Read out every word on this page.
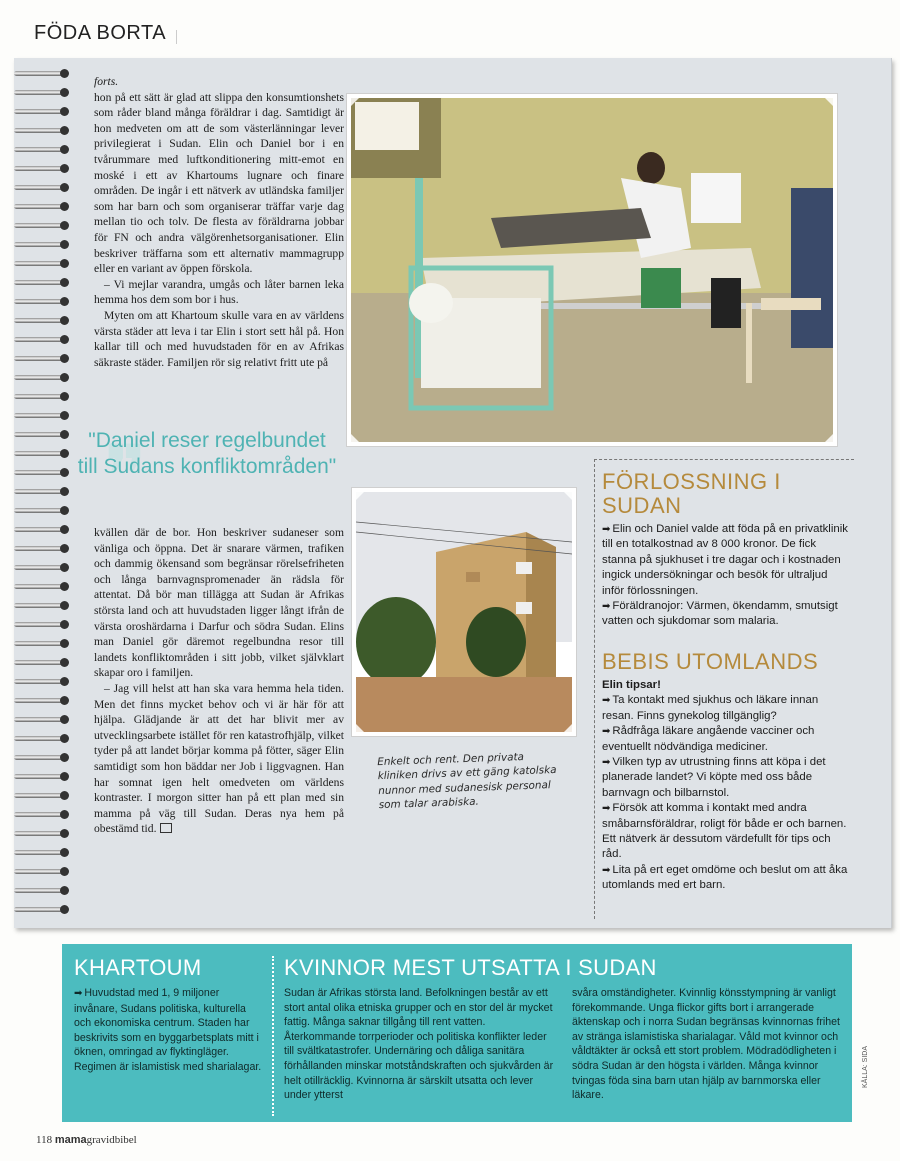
FÖDA BORTA

forts.

hon på ett sätt är glad att slippa den konsumtionshets som råder bland många föräldrar i dag. Samtidigt är hon medveten om att de som västerlänningar lever privilegierat i Sudan. Elin och Daniel bor i en tvårummare med luftkonditionering mitt-emot en moské i ett av Khartoums lugnare och finare områden. De ingår i ett nätverk av utländska familjer som har barn och som organiserar träffar varje dag mellan tio och tolv. De flesta av föräldrarna jobbar för FN och andra välgörenhetsorganisationer. Elin beskriver träffarna som ett alternativ mammagrupp eller en variant av öppen förskola.

– Vi mejlar varandra, umgås och låter barnen leka hemma hos dem som bor i hus.

Myten om att Khartoum skulle vara en av världens värsta städer att leva i tar Elin i stort sett hål på. Hon kallar till och med huvudstaden för en av Afrikas säkraste städer. Familjen rör sig relativt fritt ute på

❞
"Daniel reser regelbundet till Sudans konfliktområden"

kvällen där de bor. Hon beskriver sudaneser som vänliga och öppna. Det är snarare värmen, trafiken och dammig ökensand som begränsar rörelsefriheten och långa barnvagnspromenader än rädsla för attentat. Då bör man tillägga att Sudan är Afrikas största land och att huvudstaden ligger långt ifrån de värsta oroshärdarna i Darfur och södra Sudan. Elins man Daniel gör däremot regelbundna resor till landets konfliktområden i sitt jobb, vilket självklart skapar oro i familjen.

– Jag vill helst att han ska vara hemma hela tiden. Men det finns mycket behov och vi är här för att hjälpa. Glädjande är att det har blivit mer av utvecklingsarbete istället för ren katastrofhjälp, vilket tyder på att landet börjar komma på fötter, säger Elin samtidigt som hon bäddar ner Job i liggvagnen. Han har somnat igen helt omedveten om världens kontraster. I morgon sitter han på ett plan med sin mamma på väg till Sudan. Deras nya hem på obestämd tid.

Enkelt och rent. Den privata kliniken drivs av ett gäng katolska nunnor med sudanesisk personal som talar arabiska.
FÖRLOSSNING I SUDAN

➡ Elin och Daniel valde att föda på en privatklinik till en totalkostnad av 8 000 kronor. De fick stanna på sjukhuset i tre dagar och i kostnaden ingick undersökningar och besök för ultraljud inför förlossningen.

➡ Föräldranojor: Värmen, ökendamm, smutsigt vatten och sjukdomar som malaria.

BEBIS UTOMLANDS

Elin tipsar!

➡ Ta kontakt med sjukhus och läkare innan resan. Finns gynekolog tillgänglig?

➡ Rådfråga läkare angående vacciner och eventuellt nödvändiga mediciner.

➡ Vilken typ av utrustning finns att köpa i det planerade landet? Vi köpte med oss både barnvagn och bilbarnstol.

➡ Försök att komma i kontakt med andra småbarnsföräldrar, roligt för både er och barnen. Ett nätverk är dessutom värdefullt för tips och råd.

➡ Lita på ert eget omdöme och beslut om att åka utomlands med ert barn.

KHARTOUM
➡ Huvudstad med 1, 9 miljoner invånare, Sudans politiska, kulturella och ekonomiska centrum. Staden har beskrivits som en byggarbetsplats mitt i öknen, omringad av flyktingläger. Regimen är islamistisk med sharialagar.
KVINNOR MEST UTSATTA I SUDAN
Sudan är Afrikas största land. Befolkningen består av ett stort antal olika etniska grupper och en stor del är mycket fattig. Många saknar tillgång till rent vatten. Återkommande torrperioder och politiska konflikter leder till svältkatastrofer. Undernäring och dåliga sanitära förhållanden minskar motståndskraften och sjukvården är helt otillräcklig. Kvinnorna är särskilt utsatta och lever under ytterst
svåra omständigheter. Kvinnlig könsstympning är vanligt förekommande. Unga flickor gifts bort i arrangerade äktenskap och i norra Sudan begränsas kvinnornas frihet av stränga islamistiska sharialagar. Våld mot kvinnor och våldtäkter är också ett stort problem. Mödradödligheten i södra Sudan är den högsta i världen. Många kvinnor tvingas föda sina barn utan hjälp av barnmorska eller läkare.
KÄLLA: SIDA
118 mamagravidbibel
